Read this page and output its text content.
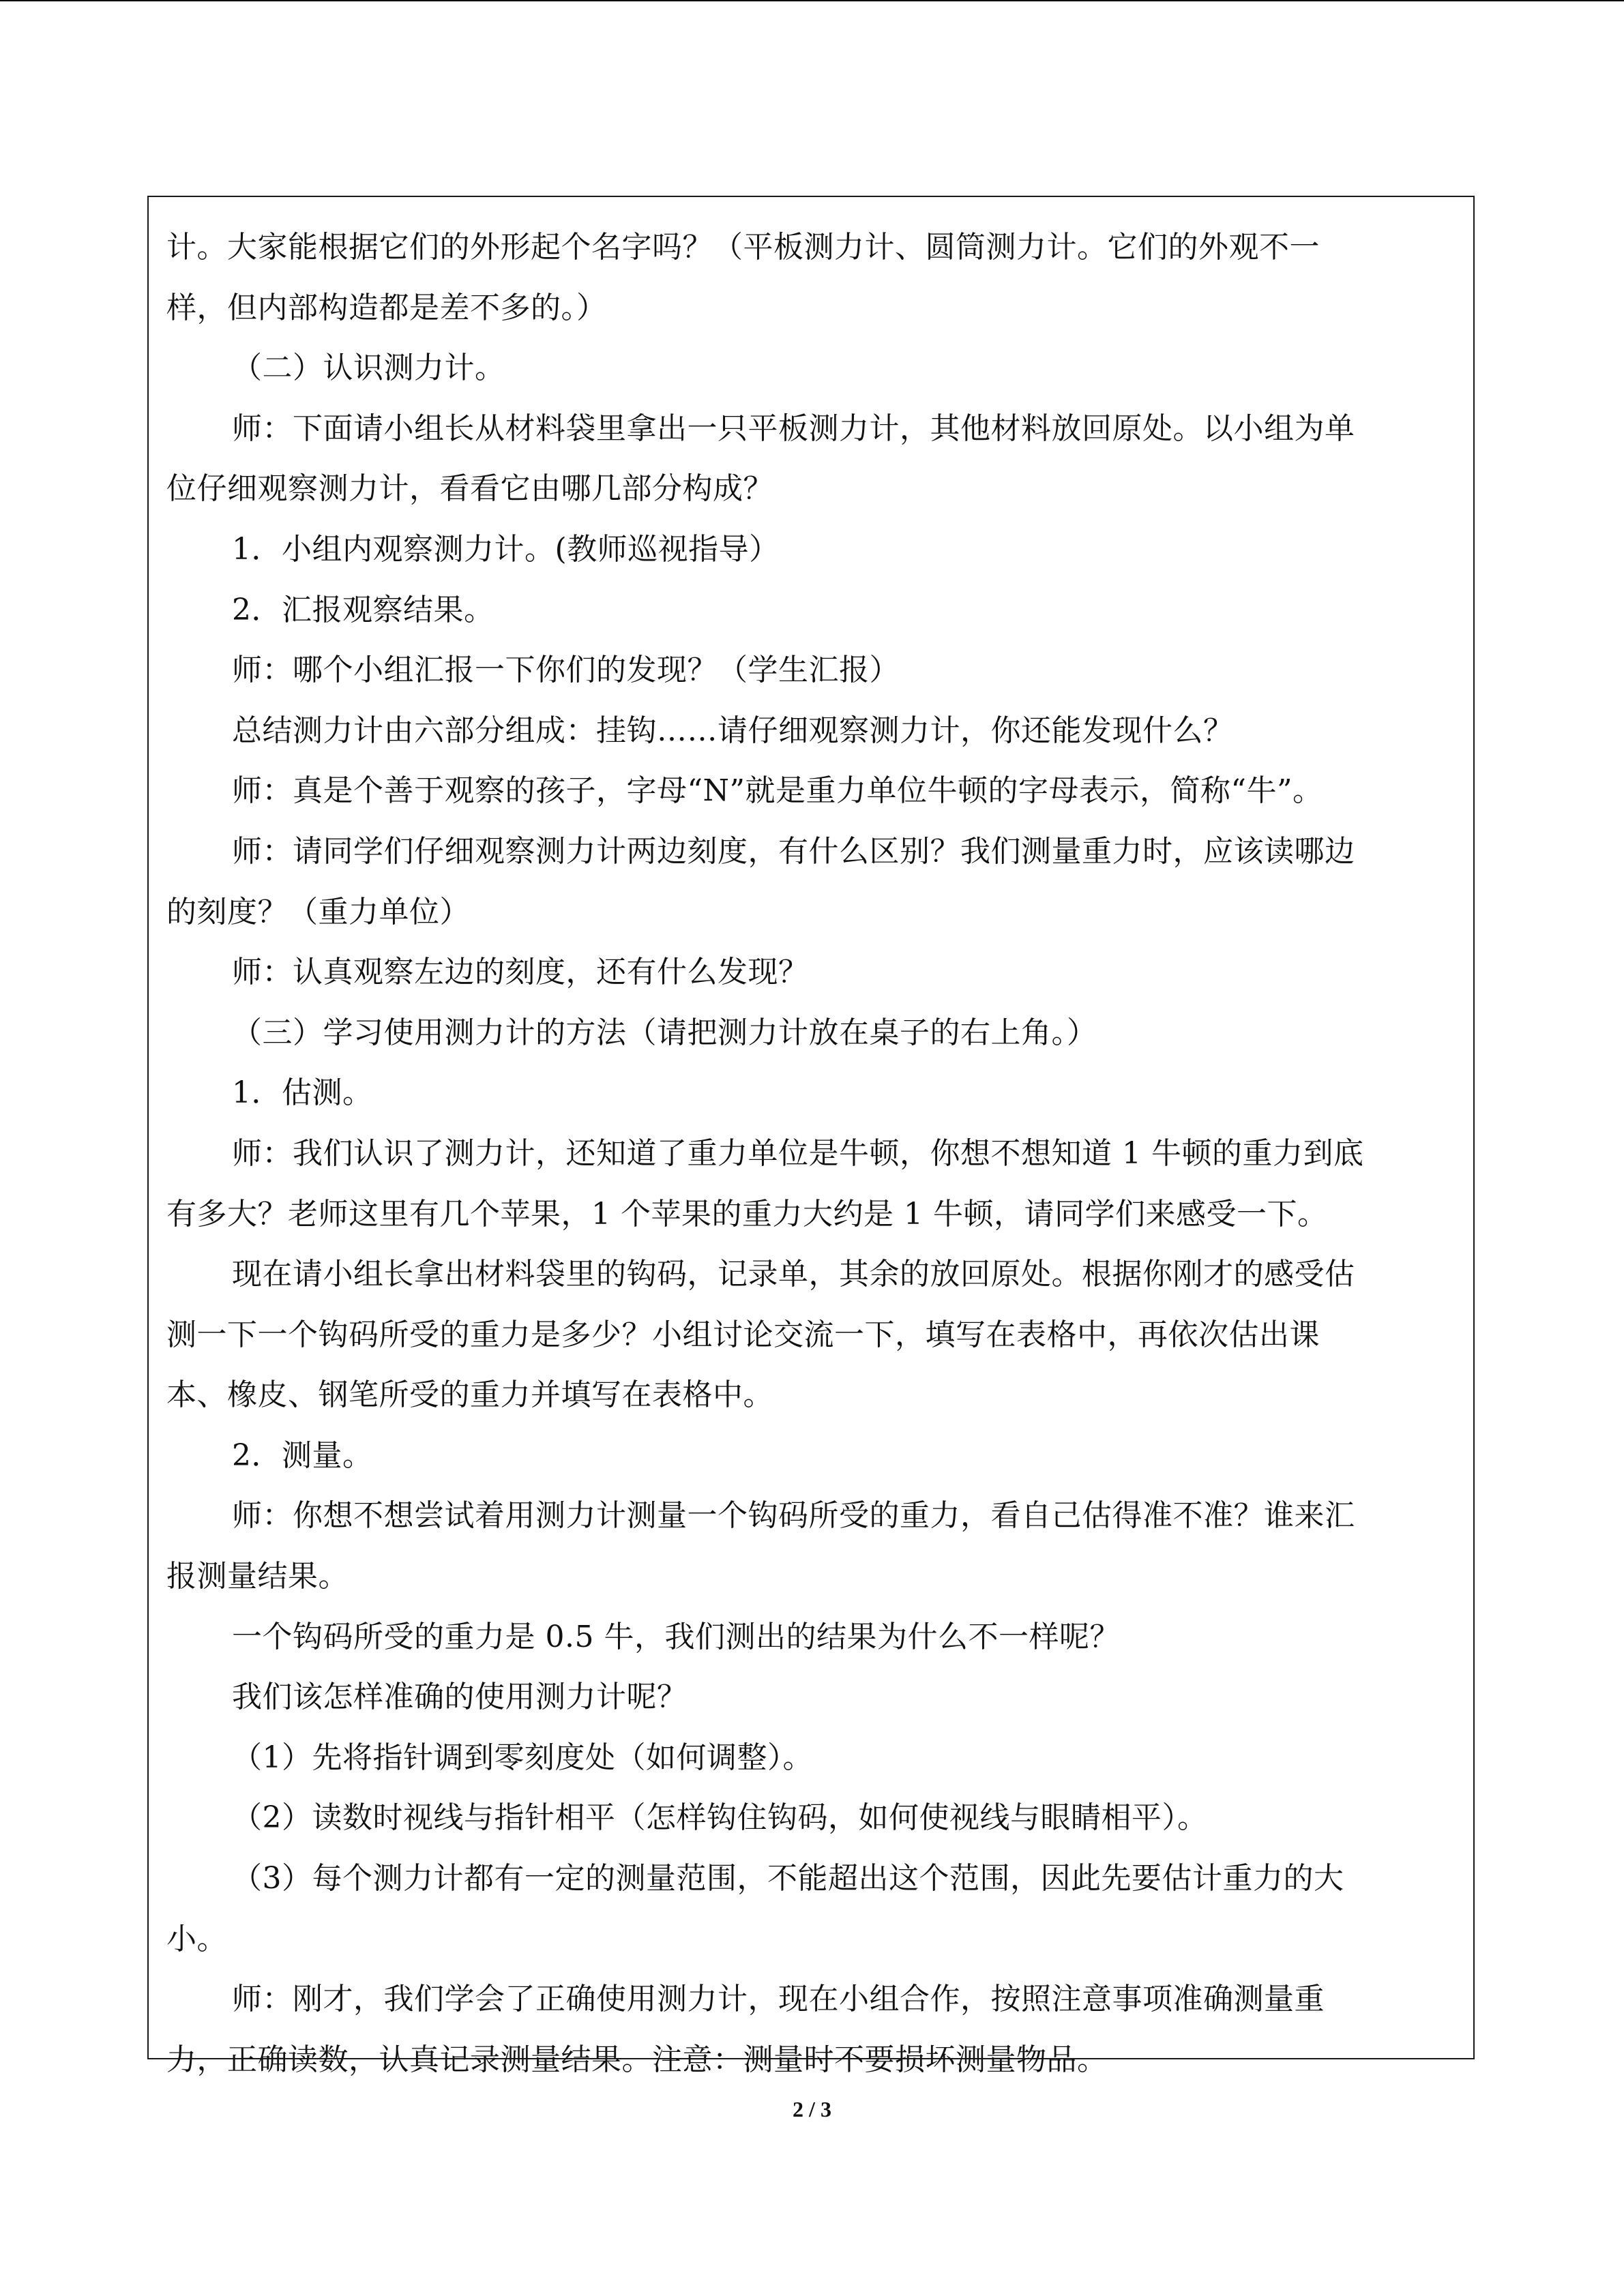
计。大家能根据它们的外形起个名字吗？（平板测力计、圆筒测力计。它们的外观不一
样，但内部构造都是差不多的。）
（二）认识测力计。
师：下面请小组长从材料袋里拿出一只平板测力计，其他材料放回原处。以小组为单
位仔细观察测力计，看看它由哪几部分构成？
1．小组内观察测力计。(教师巡视指导）
2．汇报观察结果。
师：哪个小组汇报一下你们的发现？（学生汇报）
总结测力计由六部分组成：挂钩……请仔细观察测力计，你还能发现什么？
师：真是个善于观察的孩子，字母“N”就是重力单位牛顿的字母表示，简称“牛”。
师：请同学们仔细观察测力计两边刻度，有什么区别？我们测量重力时，应该读哪边
的刻度？（重力单位）
师：认真观察左边的刻度，还有什么发现？
（三）学习使用测力计的方法（请把测力计放在桌子的右上角。）
1．估测。
师：我们认识了测力计，还知道了重力单位是牛顿，你想不想知道 1 牛顿的重力到底
有多大？老师这里有几个苹果，1 个苹果的重力大约是 1 牛顿，请同学们来感受一下。
现在请小组长拿出材料袋里的钩码，记录单，其余的放回原处。根据你刚才的感受估
测一下一个钩码所受的重力是多少？小组讨论交流一下，填写在表格中，再依次估出课
本、橡皮、钢笔所受的重力并填写在表格中。
2．测量。
师：你想不想尝试着用测力计测量一个钩码所受的重力，看自己估得准不准？谁来汇
报测量结果。
一个钩码所受的重力是 0.5 牛，我们测出的结果为什么不一样呢？
我们该怎样准确的使用测力计呢？
（1）先将指针调到零刻度处（如何调整）。
（2）读数时视线与指针相平（怎样钩住钩码，如何使视线与眼睛相平）。
（3）每个测力计都有一定的测量范围，不能超出这个范围，因此先要估计重力的大
小。
师：刚才，我们学会了正确使用测力计，现在小组合作，按照注意事项准确测量重
力，正确读数，认真记录测量结果。注意：测量时不要损坏测量物品。
2 / 3
